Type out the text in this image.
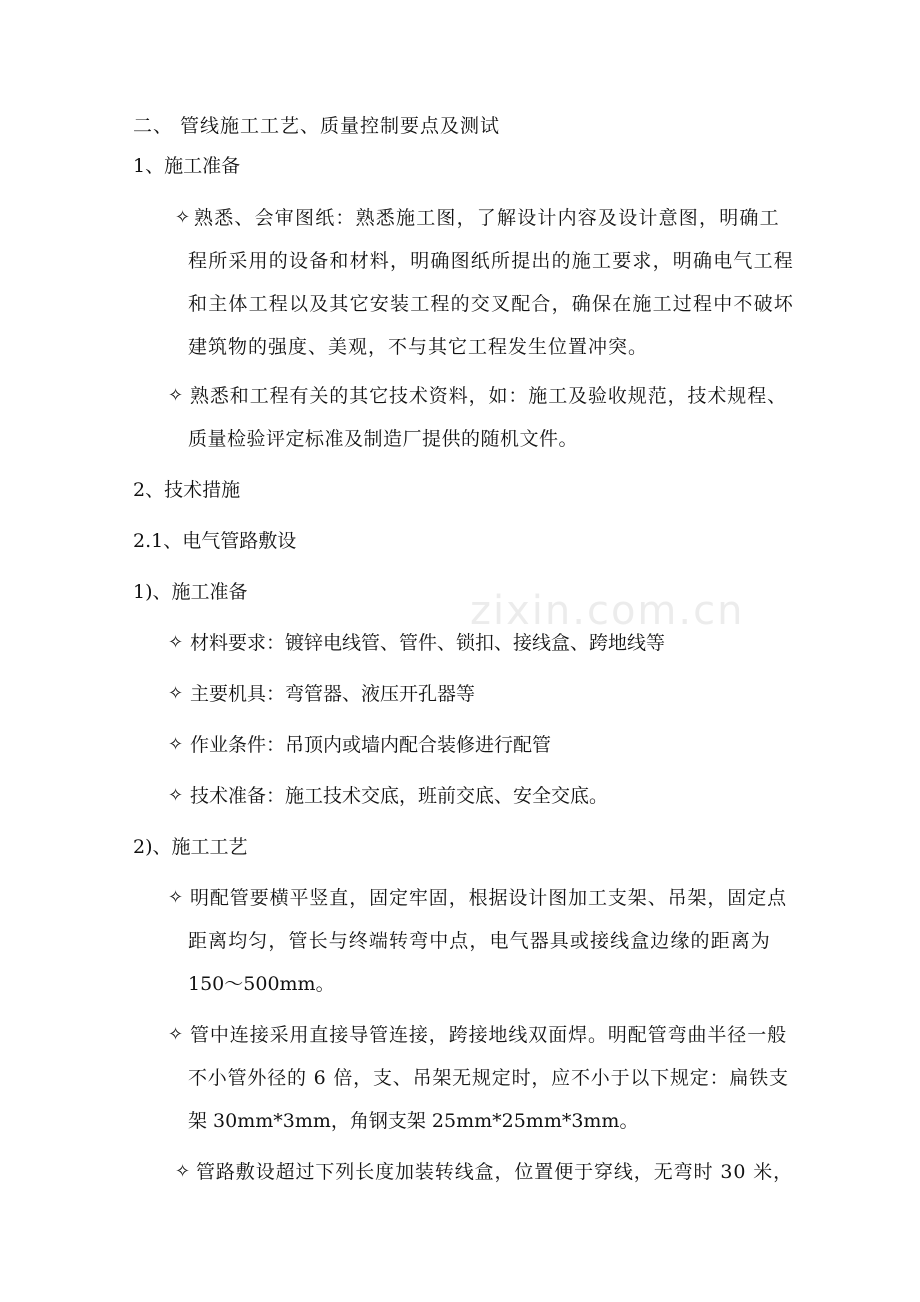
zixin.com.cn
二、 管线施工工艺、质量控制要点及测试
1、施工准备
✧ 熟悉、会审图纸：熟悉施工图，了解设计内容及设计意图，明确工
程所采用的设备和材料，明确图纸所提出的施工要求，明确电气工程
和主体工程以及其它安装工程的交叉配合，确保在施工过程中不破坏
建筑物的强度、美观，不与其它工程发生位置冲突。
✧ 熟悉和工程有关的其它技术资料，如：施工及验收规范，技术规程、
质量检验评定标准及制造厂提供的随机文件。
2、技术措施
2.1、电气管路敷设
1)、施工准备
✧ 材料要求：镀锌电线管、管件、锁扣、接线盒、跨地线等
✧ 主要机具：弯管器、液压开孔器等
✧ 作业条件：吊顶内或墙内配合装修进行配管
✧ 技术准备：施工技术交底，班前交底、安全交底。
2)、施工工艺
✧ 明配管要横平竖直，固定牢固，根据设计图加工支架、吊架，固定点
距离均匀，管长与终端转弯中点，电气器具或接线盒边缘的距离为
150～500mm。
✧ 管中连接采用直接导管连接，跨接地线双面焊。明配管弯曲半径一般
不小管外径的 6 倍，支、吊架无规定时，应不小于以下规定：扁铁支
架 30mm*3mm，角钢支架 25mm*25mm*3mm。
✧ 管路敷设超过下列长度加装转线盒，位置便于穿线，无弯时 30 米，
